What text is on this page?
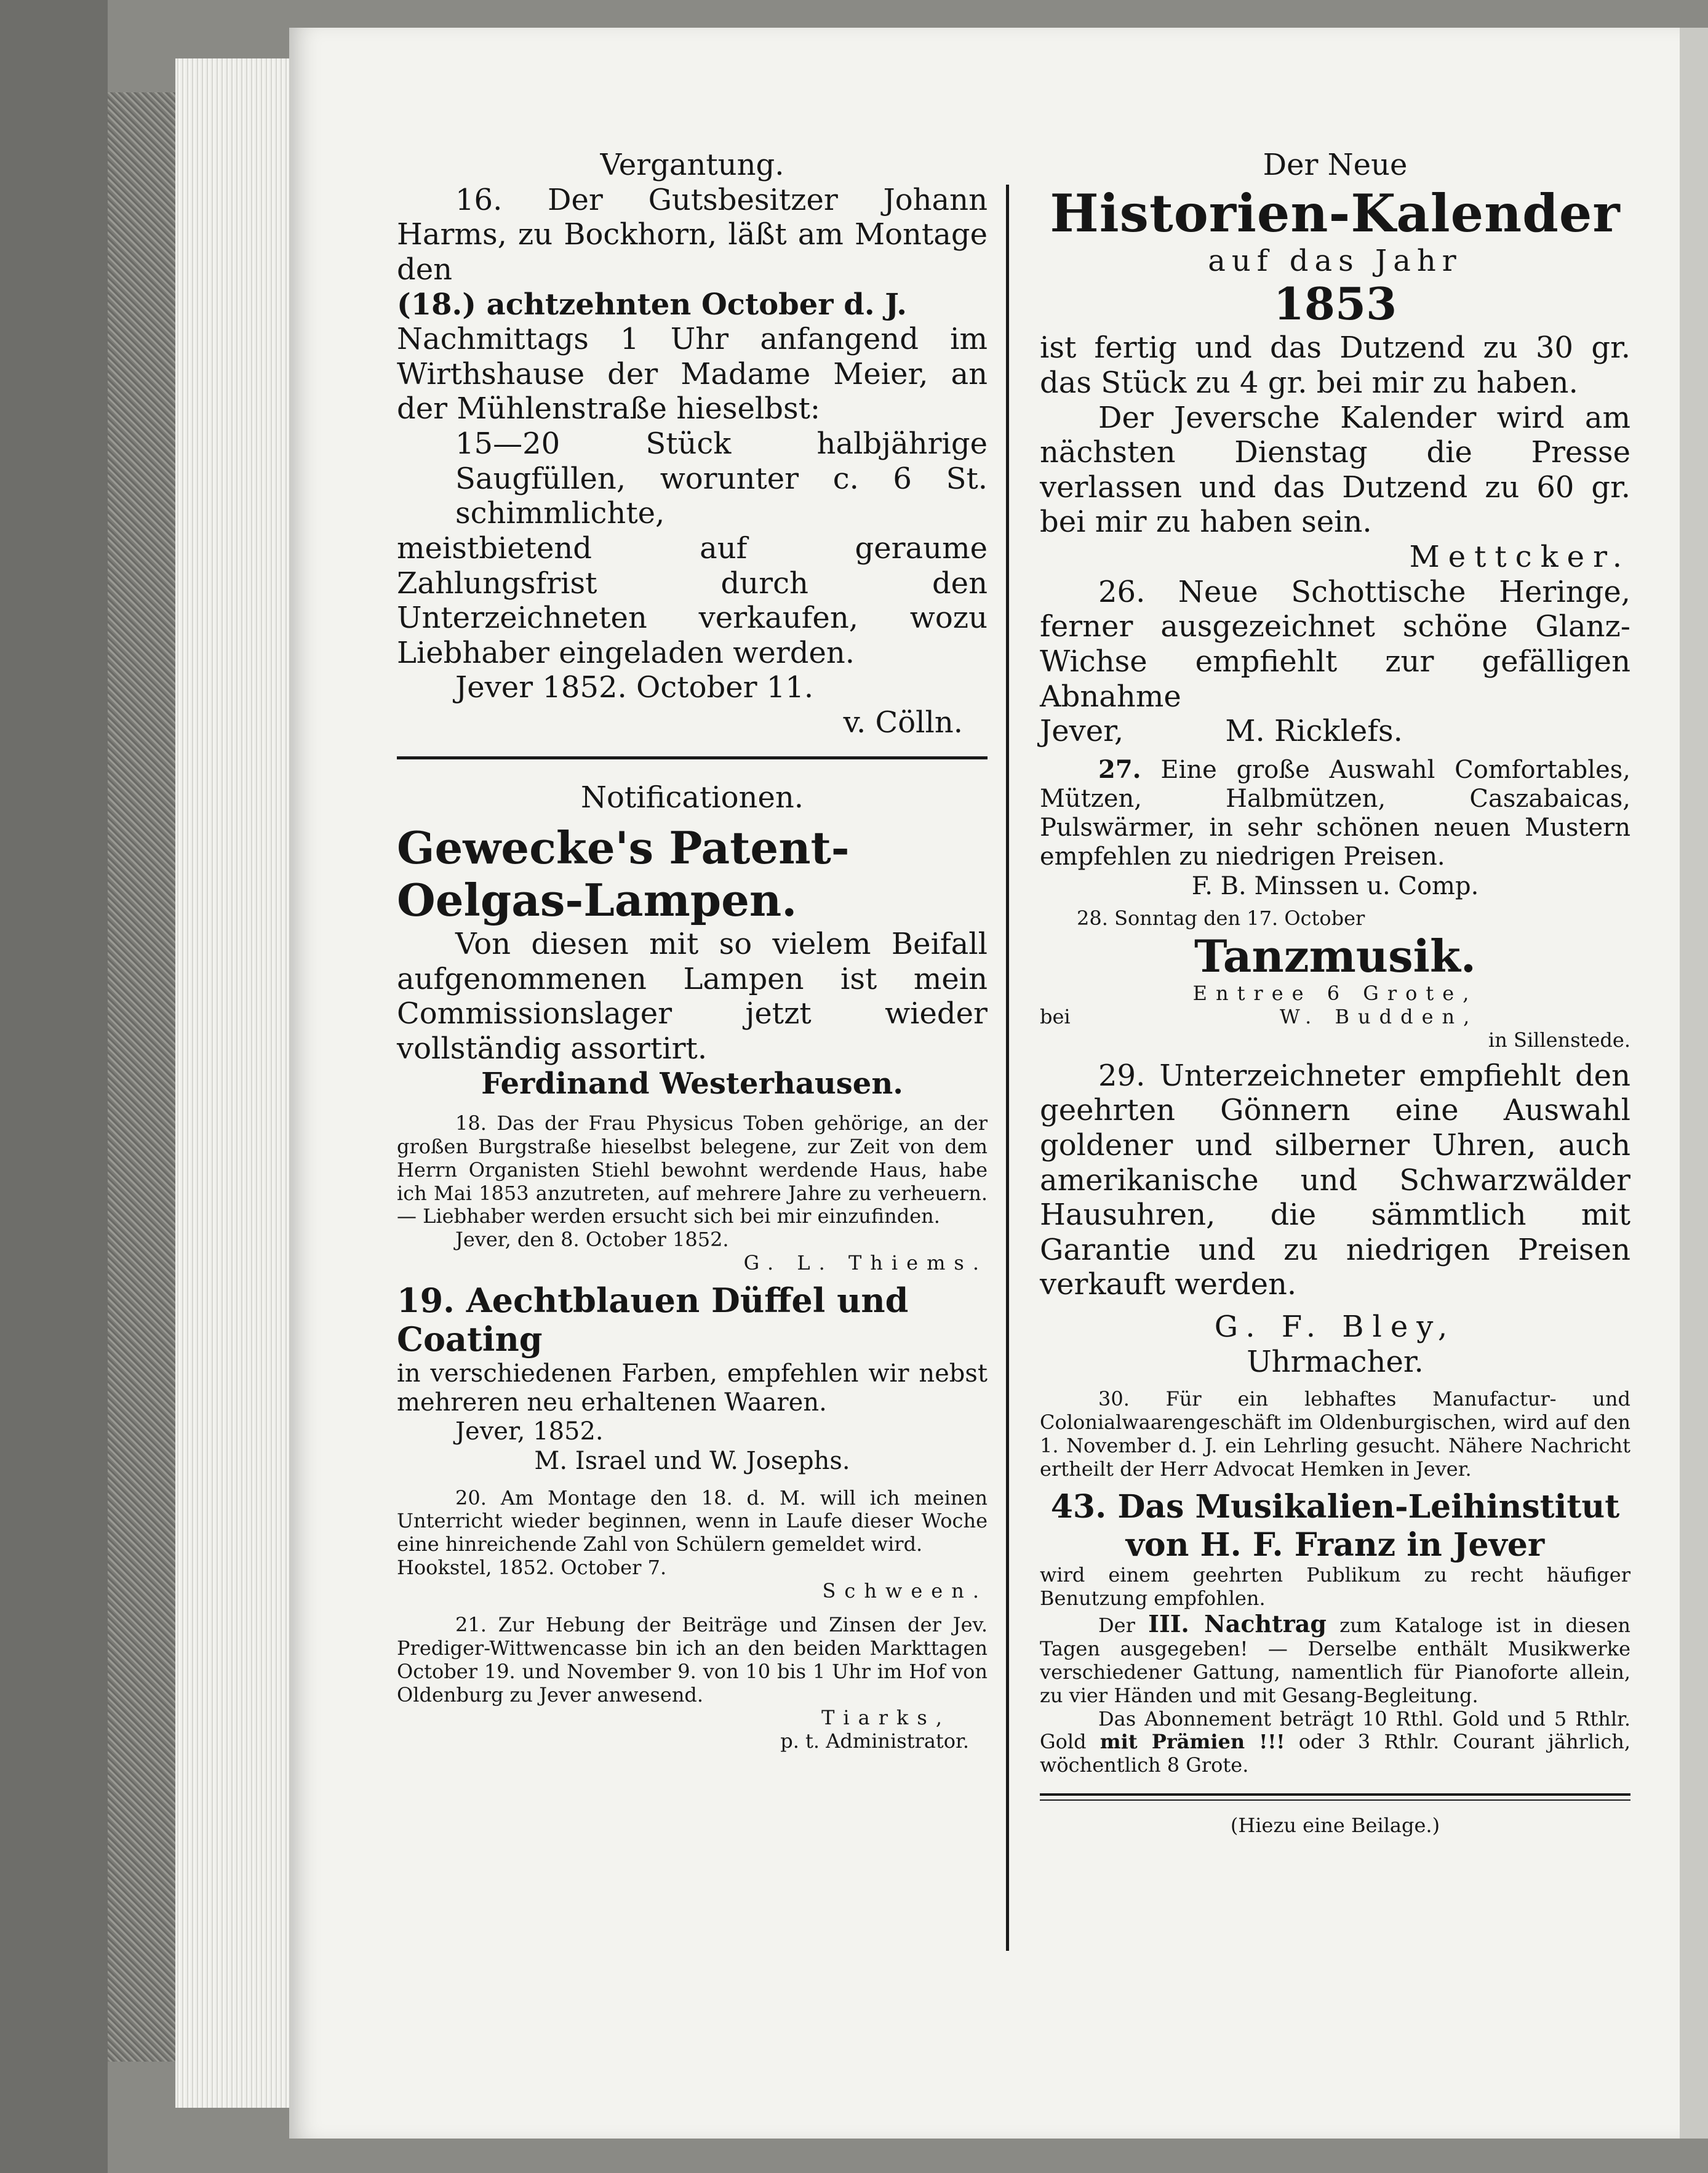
Vergantung.

16. Der Gutsbesitzer Johann Harms, zu Bockhorn, läßt am Montage den

(18.) achtzehnten October d. J.

Nachmittags 1 Uhr anfangend im Wirthshause der Madame Meier, an der Mühlenstraße hieselbst:

15—20 Stück halbjährige Saugfüllen, worunter c. 6 St. schimmlichte,

meistbietend auf geraume Zahlungsfrist durch den Unterzeichneten verkaufen, wozu Liebhaber eingeladen werden.

Jever 1852. October 11.

v. Cölln.

Notificationen.

Gewecke's Patent-Oelgas-Lampen.

Von diesen mit so vielem Beifall aufgenommenen Lampen ist mein Commissionslager jetzt wieder vollständig assortirt.

Ferdinand Westerhausen.

18. Das der Frau Physicus Toben gehörige, an der großen Burgstraße hieselbst belegene, zur Zeit von dem Herrn Organisten Stiehl bewohnt werdende Haus, habe ich Mai 1853 anzutreten, auf mehrere Jahre zu verheuern. — Liebhaber werden ersucht sich bei mir einzufinden.

Jever, den 8. October 1852.

G. L. Thiems.

19. Aechtblauen Düffel und Coating

in verschiedenen Farben, empfehlen wir nebst mehreren neu erhaltenen Waaren.

Jever, 1852.

M. Israel und W. Josephs.

20. Am Montage den 18. d. M. will ich meinen Unterricht wieder beginnen, wenn in Laufe dieser Woche eine hinreichende Zahl von Schülern gemeldet wird.

Hookstel, 1852. October 7.

Schween.

21. Zur Hebung der Beiträge und Zinsen der Jev. Prediger-Wittwencasse bin ich an den beiden Markttagen October 19. und November 9. von 10 bis 1 Uhr im Hof von Oldenburg zu Jever anwesend.

Tiarks,

p. t. Administrator.

Der Neue

Historien-Kalender

auf das Jahr

1853

ist fertig und das Dutzend zu 30 gr. das Stück zu 4 gr. bei mir zu haben.

Der Jeversche Kalender wird am nächsten Dienstag die Presse verlassen und das Dutzend zu 60 gr. bei mir zu haben sein.

Mettcker.

26. Neue Schottische Heringe, ferner ausgezeichnet schöne Glanz-Wichse empfiehlt zur gefälligen Abnahme

Jever,	M. Ricklefs.

27. Eine große Auswahl Comfortables, Mützen, Halbmützen, Caszabaicas, Pulswärmer, in sehr schönen neuen Mustern empfehlen zu niedrigen Preisen.

F. B. Minssen u. Comp.

28. Sonntag den 17. October

Tanzmusik.

Entree 6 Grote,

bei	W. Budden,

in Sillenstede.

29. Unterzeichneter empfiehlt den geehrten Gönnern eine Auswahl goldener und silberner Uhren, auch amerikanische und Schwarzwälder Hausuhren, die sämmtlich mit Garantie und zu niedrigen Preisen verkauft werden.

G. F. Bley,

Uhrmacher.

30. Für ein lebhaftes Manufactur- und Colonialwaarengeschäft im Oldenburgischen, wird auf den 1. November d. J. ein Lehrling gesucht. Nähere Nachricht ertheilt der Herr Advocat Hemken in Jever.

43. Das Musikalien-Leihinstitut von H. F. Franz in Jever

wird einem geehrten Publikum zu recht häufiger Benutzung empfohlen.

Der III. Nachtrag zum Kataloge ist in diesen Tagen ausgegeben! — Derselbe enthält Musikwerke verschiedener Gattung, namentlich für Pianoforte allein, zu vier Händen und mit Gesang-Begleitung.

Das Abonnement beträgt 10 Rthl. Gold und 5 Rthlr. Gold mit Prämien !!! oder 3 Rthlr. Courant jährlich, wöchentlich 8 Grote.

(Hiezu eine Beilage.)
